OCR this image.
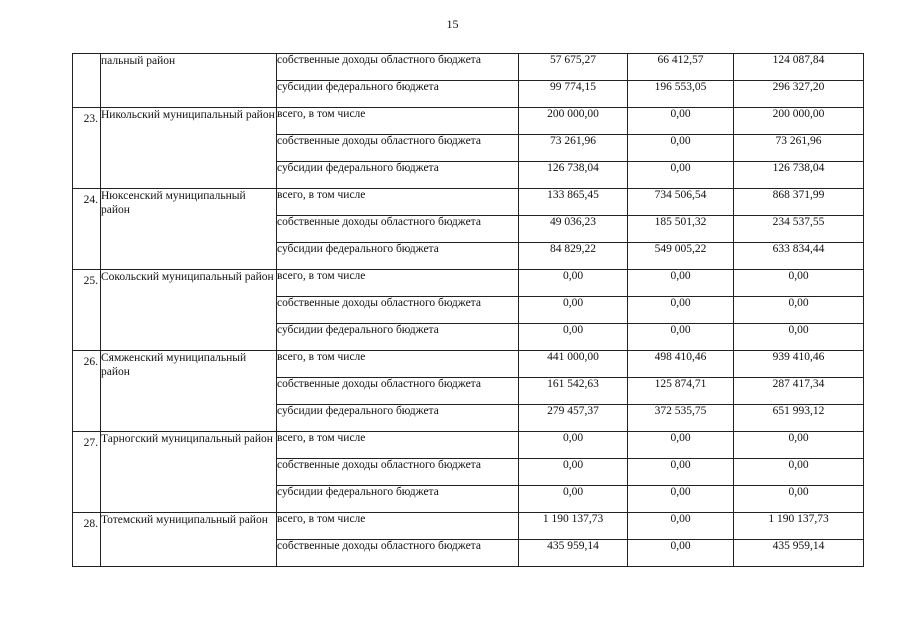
15
	пальный район	собственные доходы областного бюджета	57 675,27	66 412,57	124 087,84
		субсидии федерального бюджета	99 774,15	196 553,05	296 327,20

23.	Никольский муниципальный район	всего, в том числе	200 000,00	0,00	200 000,00
		собственные доходы областного бюджета	73 261,96	0,00	73 261,96
		субсидии федерального бюджета	126 738,04	0,00	126 738,04

24.	Нюксенский муниципальный район	всего, в том числе	133 865,45	734 506,54	868 371,99
		собственные доходы областного бюджета	49 036,23	185 501,32	234 537,55
		субсидии федерального бюджета	84 829,22	549 005,22	633 834,44

25.	Сокольский муниципальный район	всего, в том числе	0,00	0,00	0,00
		собственные доходы областного бюджета	0,00	0,00	0,00
		субсидии федерального бюджета	0,00	0,00	0,00

26.	Сямженский муниципальный район	всего, в том числе	441 000,00	498 410,46	939 410,46
		собственные доходы областного бюджета	161 542,63	125 874,71	287 417,34
		субсидии федерального бюджета	279 457,37	372 535,75	651 993,12

27.	Тарногский муниципальный район	всего, в том числе	0,00	0,00	0,00
		собственные доходы областного бюджета	0,00	0,00	0,00
		субсидии федерального бюджета	0,00	0,00	0,00

28.	Тотемский муниципальный район	всего, в том числе	1 190 137,73	0,00	1 190 137,73
		собственные доходы областного бюджета	435 959,14	0,00	435 959,14
